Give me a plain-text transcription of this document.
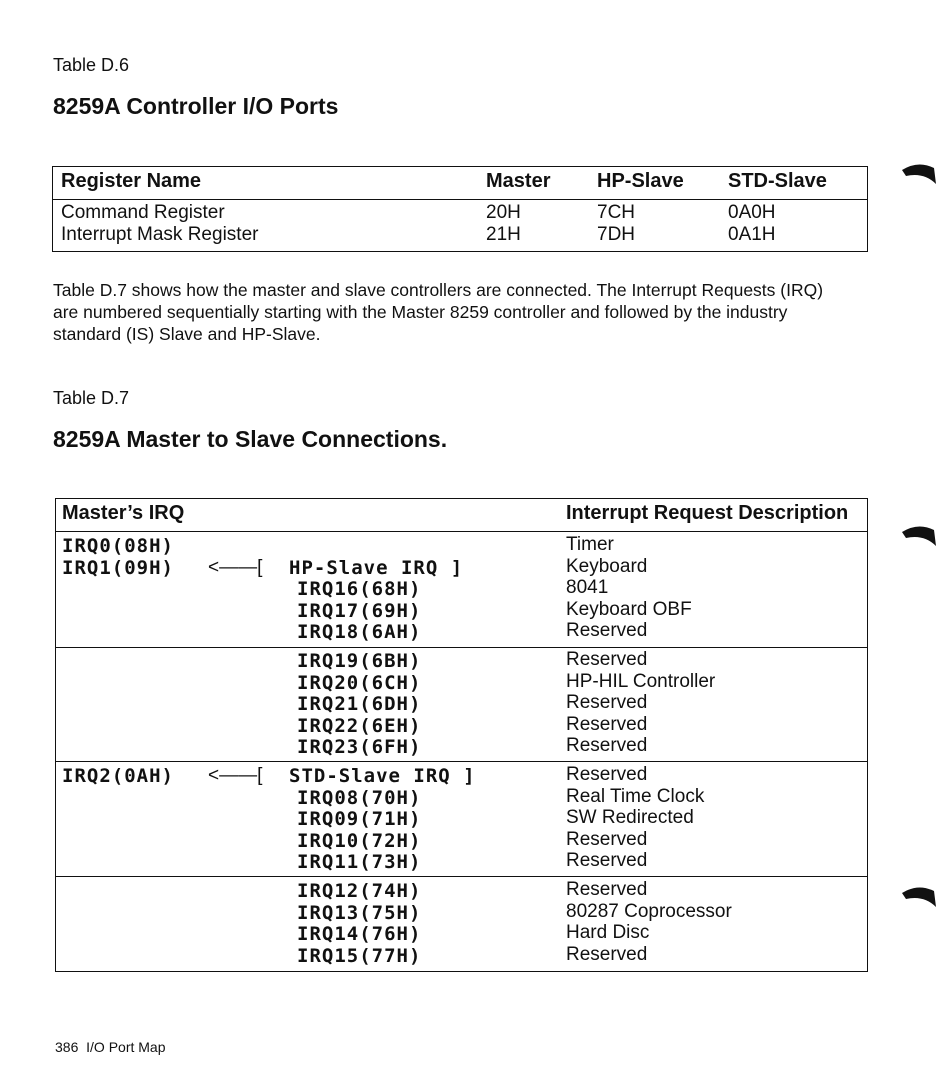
Table D.6
8259A Controller I/O Ports
Register Name	Master HP-Slave STD-Slave
Command Register	20H	7CH	0A0H
Interrupt Mask Register	21H	7DH	0A1H
Table D.7 shows how the master and slave controllers are connected. The Interrupt Requests (IRQ) are numbered sequentially starting with the Master 8259 controller and followed by the industry standard (IS) Slave and HP-Slave.
Table D.7
8259A Master to Slave Connections.
Master’s IRQ	Interrupt Request Description
IRQ0(08H)	Timer
IRQ1(09H) <——[ HP-Slave IRQ ]	Keyboard
IRQ16(68H)	8041
IRQ17(69H)	Keyboard OBF
IRQ18(6AH)	Reserved
IRQ19(6BH)	Reserved
IRQ20(6CH)	HP-HIL Controller
IRQ21(6DH)	Reserved
IRQ22(6EH)	Reserved
IRQ23(6FH)	Reserved
IRQ2(0AH) <——[ STD-Slave IRQ ]	Reserved
IRQ08(70H)	Real Time Clock
IRQ09(71H)	SW Redirected
IRQ10(72H)	Reserved
IRQ11(73H)	Reserved
IRQ12(74H)	Reserved
IRQ13(75H)	80287 Coprocessor
IRQ14(76H)	Hard Disc
IRQ15(77H)	Reserved
386 I/O Port Map
